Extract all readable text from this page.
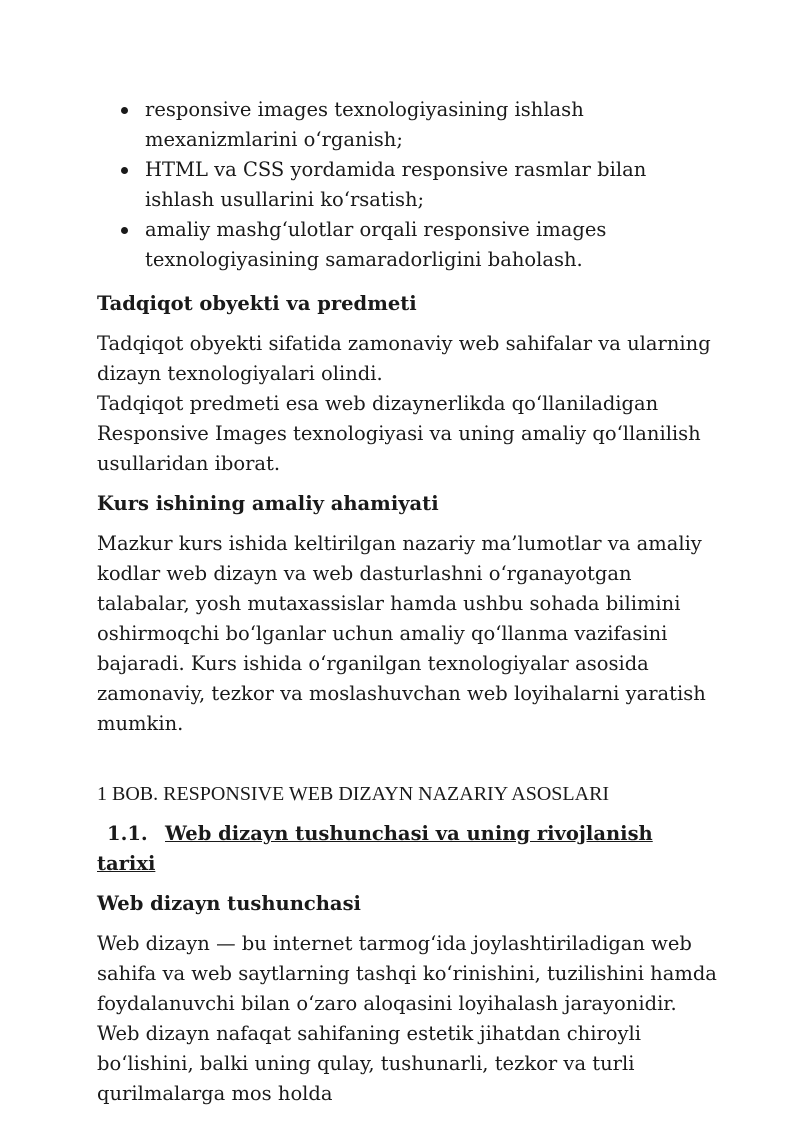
responsive images texnologiyasining ishlash mexanizmlarini o‘rganish;
HTML va CSS yordamida responsive rasmlar bilan ishlash usullarini ko‘rsatish;
amaliy mashg‘ulotlar orqali responsive images texnologiyasining samaradorligini baholash.
Tadqiqot obyekti va predmeti

Tadqiqot obyekti sifatida zamonaviy web sahifalar va ularning dizayn texnologiyalari olindi.
Tadqiqot predmeti esa web dizaynerlikda qo‘llaniladigan Responsive Images texnologiyasi va uning amaliy qo‘llanilish usullaridan iborat.

Kurs ishining amaliy ahamiyati

Mazkur kurs ishida keltirilgan nazariy ma’lumotlar va amaliy kodlar web dizayn va web dasturlashni o‘rganayotgan talabalar, yosh mutaxassislar hamda ushbu sohada bilimini oshirmoqchi bo‘lganlar uchun amaliy qo‘llanma vazifasini bajaradi. Kurs ishida o‘rganilgan texnologiyalar asosida zamonaviy, tezkor va moslashuvchan web loyihalarni yaratish mumkin.

1 BOB. RESPONSIVE WEB DIZAYN NAZARIY ASOSLARI
1.1. Web dizayn tushunchasi va uning rivojlanish tarixi
Web dizayn tushunchasi

Web dizayn — bu internet tarmog‘ida joylashtiriladigan web sahifa va web saytlarning tashqi ko‘rinishini, tuzilishini hamda foydalanuvchi bilan o‘zaro aloqasini loyihalash jarayonidir. Web dizayn nafaqat sahifaning estetik jihatdan chiroyli bo‘lishini, balki uning qulay, tushunarli, tezkor va turli qurilmalarga mos holda
